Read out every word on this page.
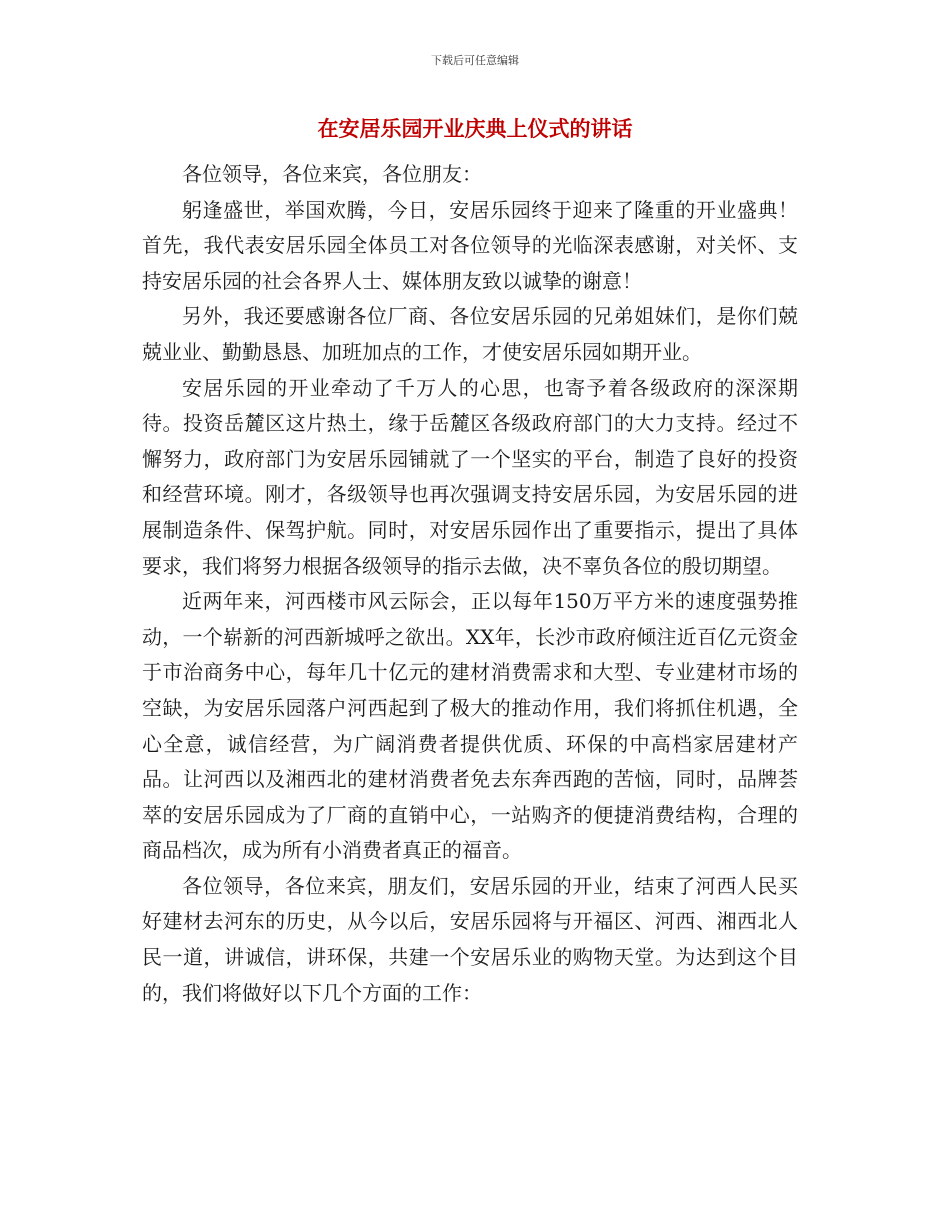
下载后可任意编辑
在安居乐园开业庆典上仪式的讲话

各位领导，各位来宾，各位朋友：

躬逢盛世，举国欢腾，今日，安居乐园终于迎来了隆重的开业盛典！首先，我代表安居乐园全体员工对各位领导的光临深表感谢，对关怀、支持安居乐园的社会各界人士、媒体朋友致以诚挚的谢意！

另外，我还要感谢各位厂商、各位安居乐园的兄弟姐妹们，是你们兢兢业业、勤勤恳恳、加班加点的工作，才使安居乐园如期开业。

安居乐园的开业牵动了千万人的心思，也寄予着各级政府的深深期待。投资岳麓区这片热土，缘于岳麓区各级政府部门的大力支持。经过不懈努力，政府部门为安居乐园铺就了一个坚实的平台，制造了良好的投资和经营环境。刚才，各级领导也再次强调支持安居乐园，为安居乐园的进展制造条件、保驾护航。同时，对安居乐园作出了重要指示，提出了具体要求，我们将努力根据各级领导的指示去做，决不辜负各位的殷切期望。

近两年来，河西楼市风云际会，正以每年150万平方米的速度强势推动，一个崭新的河西新城呼之欲出。XX年，长沙市政府倾注近百亿元资金于市治商务中心，每年几十亿元的建材消费需求和大型、专业建材市场的空缺，为安居乐园落户河西起到了极大的推动作用，我们将抓住机遇，全心全意，诚信经营，为广阔消费者提供优质、环保的中高档家居建材产品。让河西以及湘西北的建材消费者免去东奔西跑的苦恼，同时，品牌荟萃的安居乐园成为了厂商的直销中心，一站购齐的便捷消费结构，合理的商品档次，成为所有小消费者真正的福音。

各位领导，各位来宾，朋友们，安居乐园的开业，结束了河西人民买好建材去河东的历史，从今以后，安居乐园将与开福区、河西、湘西北人民一道，讲诚信，讲环保，共建一个安居乐业的购物天堂。为达到这个目的，我们将做好以下几个方面的工作：
